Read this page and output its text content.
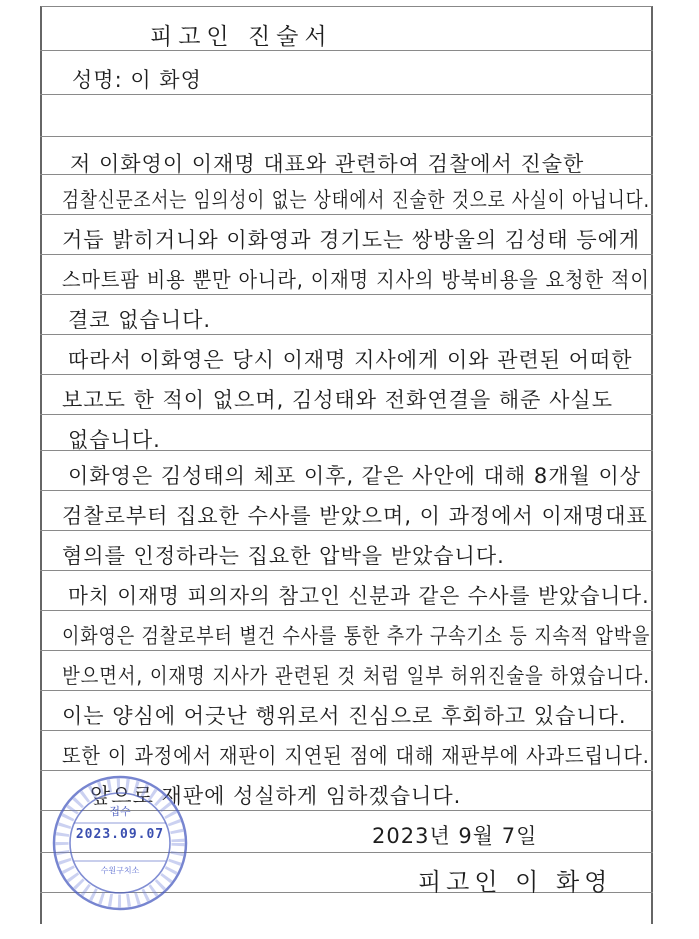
피고인 진술서
성명: 이 화영
저 이화영이 이재명 대표와 관련하여 검찰에서 진술한
검찰신문조서는 임의성이 없는 상태에서 진술한 것으로 사실이 아닙니다.
거듭 밝히거니와 이화영과 경기도는 쌍방울의 김성태 등에게
스마트팜 비용 뿐만 아니라, 이재명 지사의 방북비용을 요청한 적이
결코 없습니다.
따라서 이화영은 당시 이재명 지사에게 이와 관련된 어떠한
보고도 한 적이 없으며, 김성태와 전화연결을 해준 사실도
없습니다.
이화영은 김성태의 체포 이후, 같은 사안에 대해 8개월 이상
검찰로부터 집요한 수사를 받았으며, 이 과정에서 이재명대표
혐의를 인정하라는 집요한 압박을 받았습니다.
마치 이재명 피의자의 참고인 신분과 같은 수사를 받았습니다.
이화영은 검찰로부터 별건 수사를 통한 추가 구속기소 등 지속적 압박을
받으면서, 이재명 지사가 관련된 것 처럼 일부 허위진술을 하였습니다.
이는 양심에 어긋난 행위로서 진심으로 후회하고 있습니다.
또한 이 과정에서 재판이 지연된 점에 대해 재판부에 사과드립니다.
앞으로 재판에 성실하게 임하겠습니다.
2023년 9월 7일
피고인 이 화영
접수
2023.09.07
수원구치소
